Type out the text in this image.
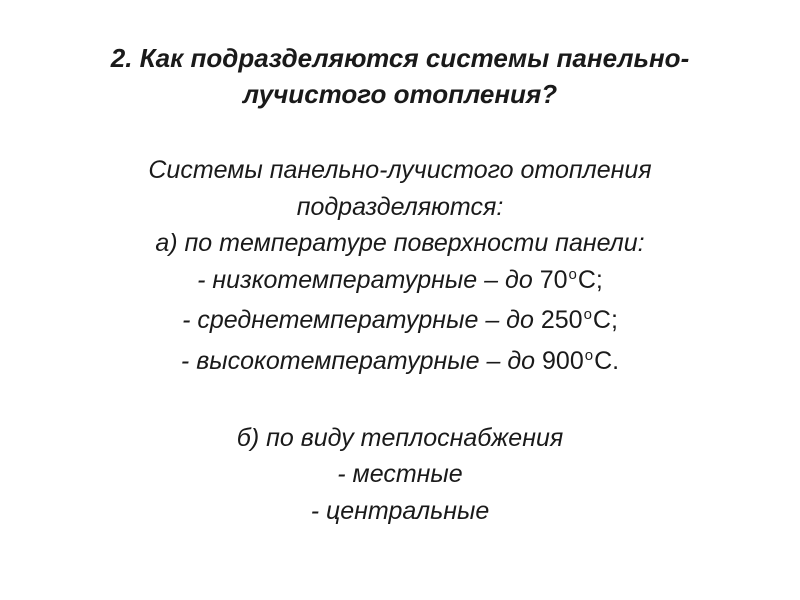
2. Как подразделяются системы панельно-
лучистого отопления?
Системы панельно-лучистого отопления
подразделяются:
а) по температуре поверхности панели:
- низкотемпературные – до 70$^o$С;
- среднетемпературные – до 250$^o$С;
- высокотемпературные – до 900$^o$С.
б) по виду теплоснабжения
- местные
- центральные
